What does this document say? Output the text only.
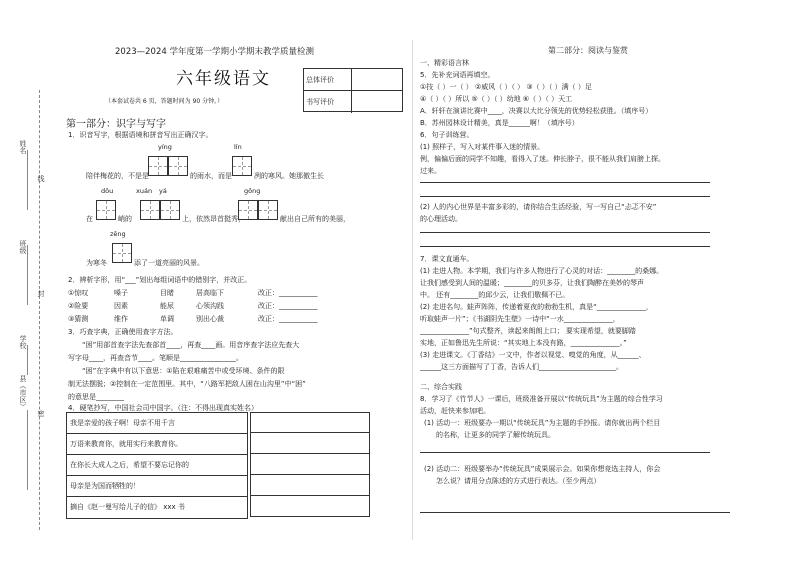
姓名
班级
学校
县（市区）
线
封
密
2023—2024 学年度第一学期小学期末教学质量检测
六年级语文
（本套试卷共 6 页，答题时间为 90 分钟。）
总体评价
书写评价
第一部分：识字与写字
1．识音写字，根据语境和拼音写出正确汉字。
yíng	lín
陪伴梅花的，不是是	的雨水，而是	冽的寒风。她那傲生长
dōu	xuán yá	gōng
在	峭的	上，依然昂首挺秀，	献出自己所有的美丽，
zēng
为寒冬	添了一道亮丽的风景。
2．辨析字形，用“___”划出每组词语中的错别字，并改正。
①惊叹	嗓子	目睹	居高临下	改正：___________
②险要	因素	能尿	心领沟践	改正：___________
③猜测	维作	单调	别出心裁	改正：___________
3．巧查字典，正确使用查字方法。
“困”用部首查字法先查部首____，再查____画。用音序查字法应先查大
写字母____，再查音节____。笔顺是________________。
“困”在字典中有以下意思：①陷在艰难痛苦中或受环境、条件的限
制无法摆脱；②控制在一定范围里。其中，“八路军把敌人困在山沟里”中“困”
的意思是________
4．硬笔抄写，中国社会司中国字。（注：不得出现真实姓名）
我是亲爱的孩子啊！母亲不用千言
万语来教育你，就用实行来教育你。
在你长大成人之后，希望不要忘记你的
母亲是为国而牺牲的！
摘自《赵一曼写给儿子的信》 xxx 书
第二部分：阅读与鉴赏
一、精彩语言林
5．先补充词语再填空。
①技（ ）一（ ） ②威风（ ）（ ） ③（ ）（ ）满（ ）足
④（ ）（ ）所以 ⑤（ ）（ ）幼地 ⑥（ ）（ ）天工
A．轩轩在演讲比赛中____，决赛以大比分领先的优势轻松获胜。（填序号）
B．苏州园林设计精美，真是______啊！（填序号）
6．句子训练营。
(1) 照样子，写入对某件事入迷的情景。
例，偏偏后面的同学不知趣，看得入了迷。伸长脖子，很不能从我们肩膀上探。
过来。
(2) 人的内心世界是丰富多彩的，请你结合生活经验，写一写自己“忐忑不安”
的心理活动。
7．课文直通车。
(1) 走进人物。本学期，我们与许多人物进行了心灵的对话：________的桑娜。
让我们感受到人间的温暖；________的贝多芬，让我们陶醉在美妙的琴声
中。 还有________的邱少云，让我们敬佩不已。
(2) 走进名句。蛙声阵阵，传递着夏夜的勃勃生机，真是“______________，
听取蛙声一片”；《书湖阴先生壁》一诗中“一水______________，
______________”句式整齐，读起来朗朗上口； 要实现希望，就要脚踏
实地，正如鲁迅先生所说：“其实地上本没有路，______________。”
(3) 走进课文。《丁香结》一文中，作者以视觉、嗅觉的角度，从______、
______这三方面描写了丁香，告诉人们______________________。
二、综合实践
8．学习了《竹节人》一课后，班级准备开展以“传统玩具”为主题的综合性学习
活动，赶快来参加吧。
(1) 活动一：班级要办一期以“传统玩具”为主题的手抄报。请你就出两个栏目
的名称，让更多的同学了解传统玩具。
(2) 活动二：班级要举办“传统玩具”成果展示会。如果你想竞选主持人，你会
怎么说？请用分点陈述的方式进行表达。（至少两点）
